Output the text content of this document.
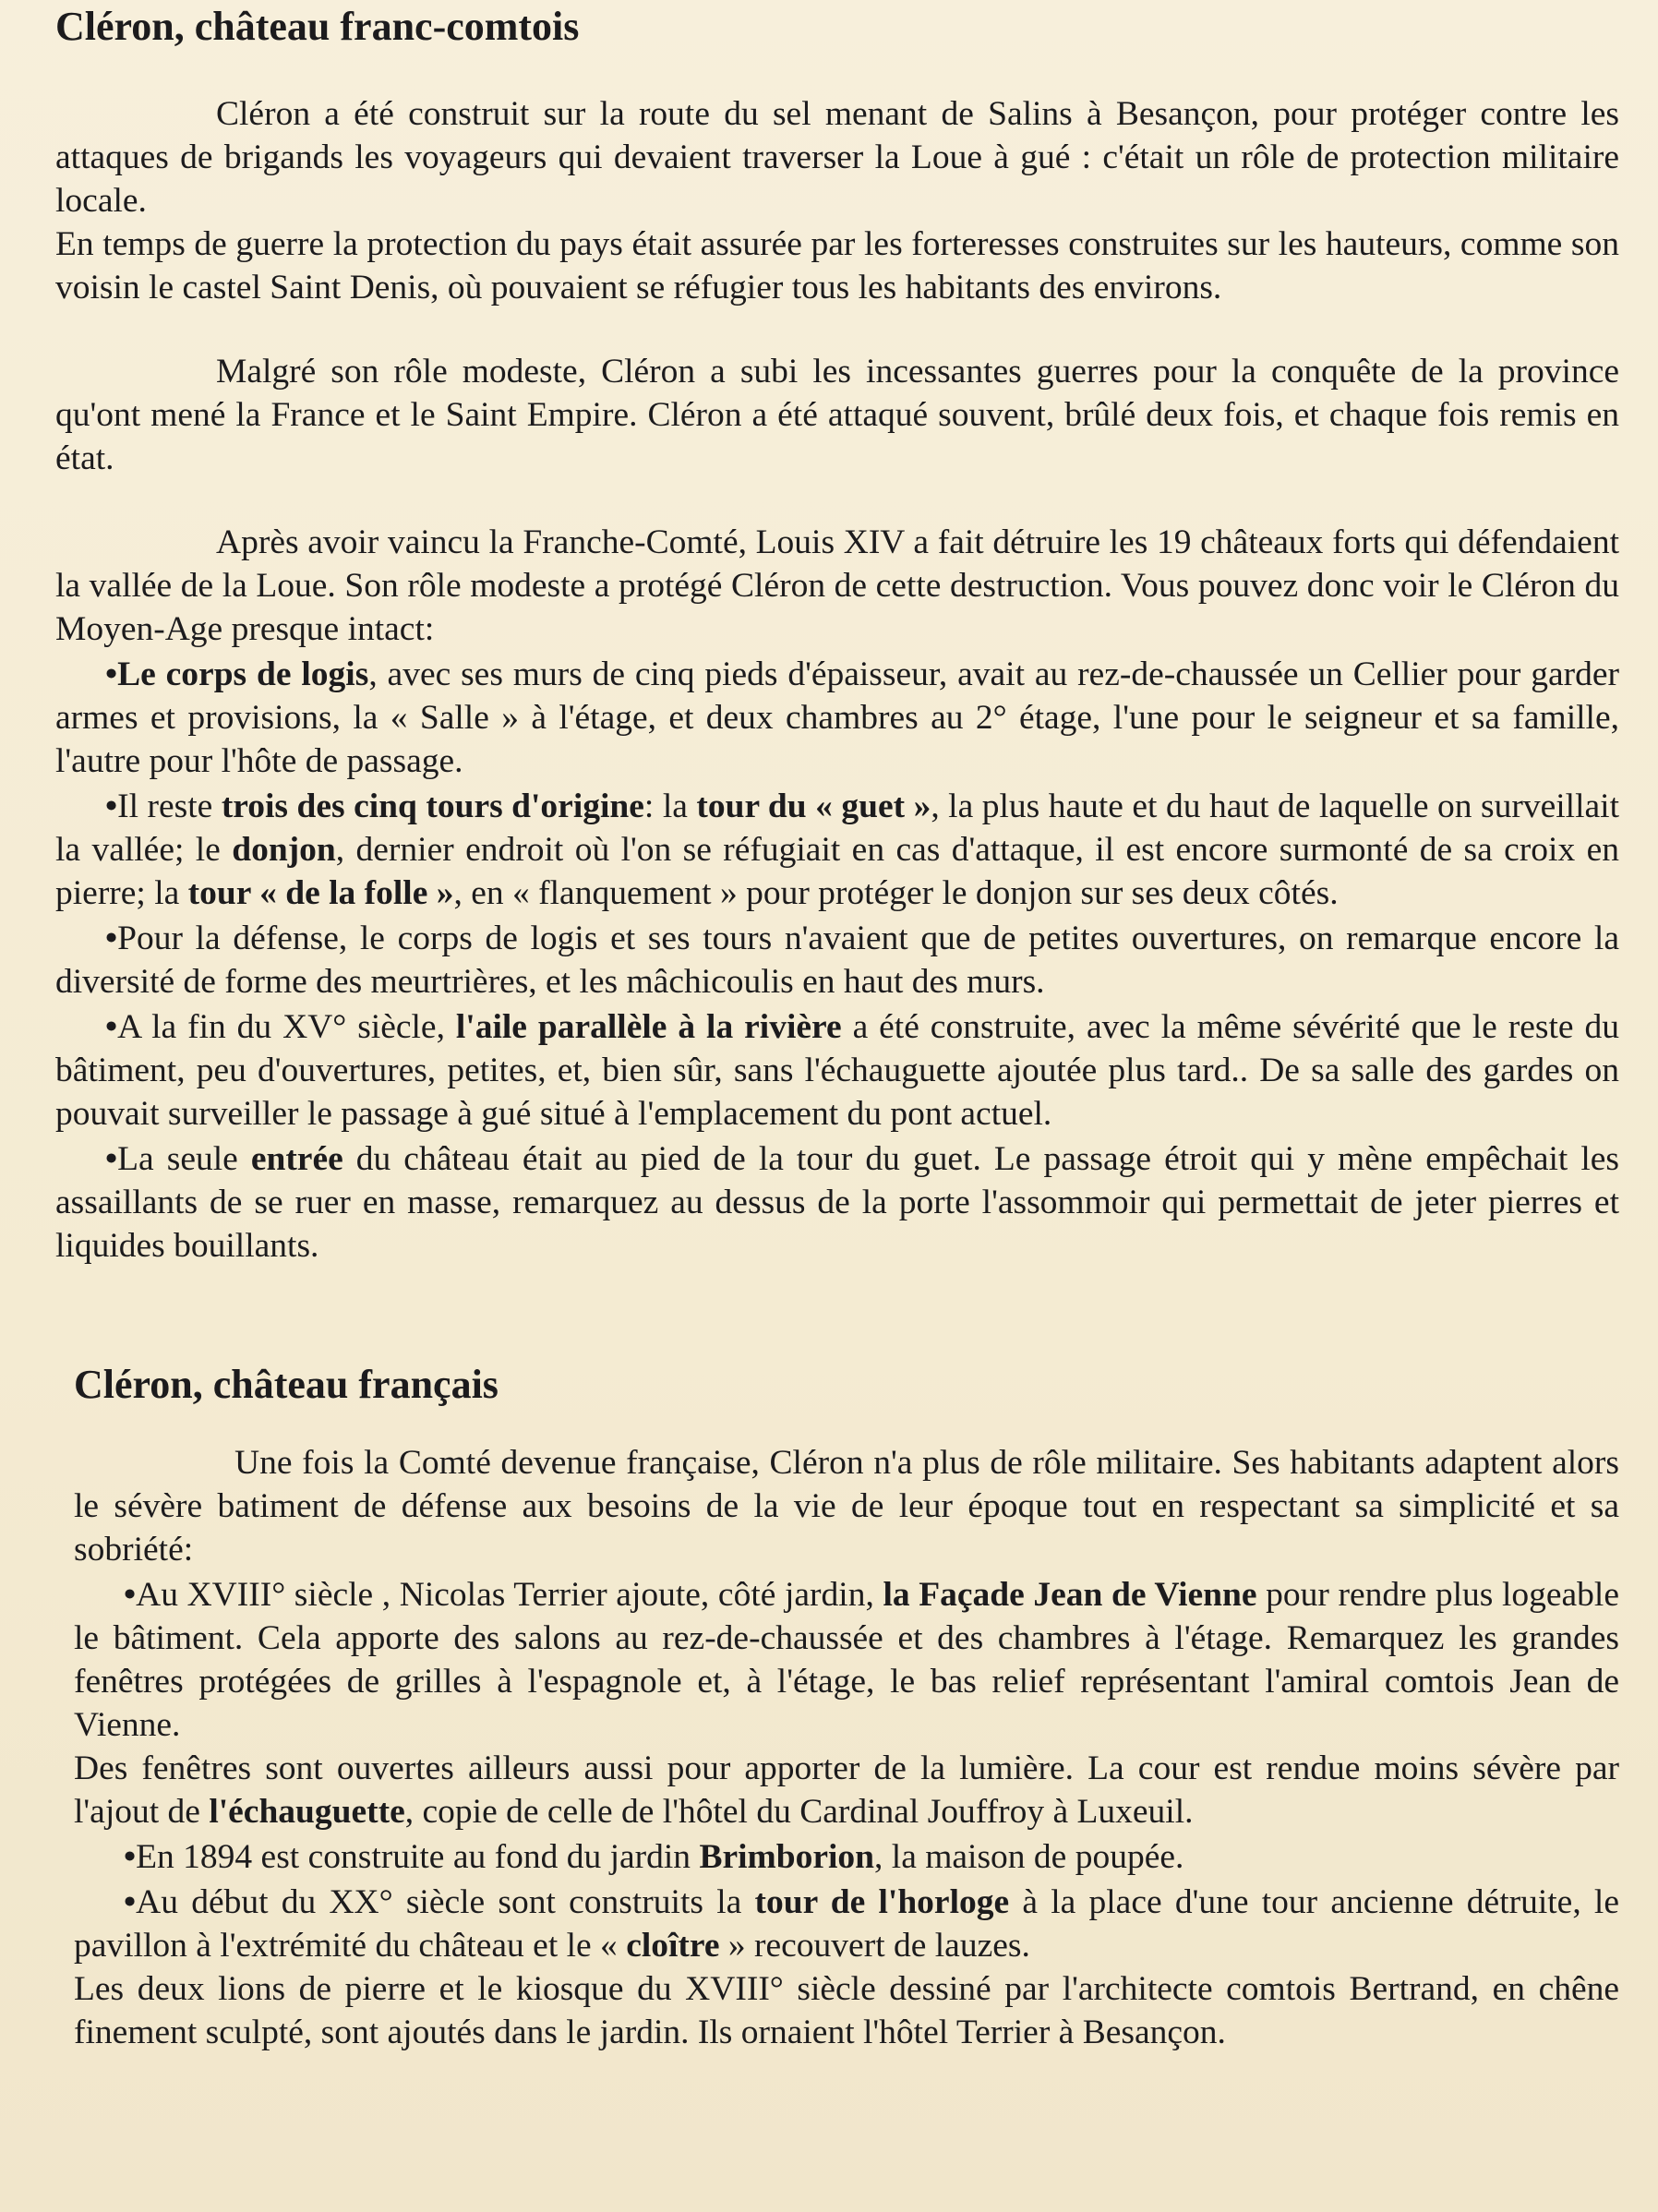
Cléron, château franc-comtois

Cléron a été construit sur la route du sel menant de Salins à Besançon, pour protéger contre les attaques de brigands les voyageurs qui devaient traverser la Loue à gué : c'était un rôle de protection militaire locale.

En temps de guerre la protection du pays était assurée par les forteresses construites sur les hauteurs, comme son voisin le castel Saint Denis, où pouvaient se réfugier tous les habitants des environs.

Malgré son rôle modeste, Cléron a subi les incessantes guerres pour la conquête de la province qu'ont mené la France et le Saint Empire. Cléron a été attaqué souvent, brûlé deux fois, et chaque fois remis en état.

Après avoir vaincu la Franche-Comté, Louis XIV a fait détruire les 19 châteaux forts qui défendaient la vallée de la Loue. Son rôle modeste a protégé Cléron de cette destruction. Vous pouvez donc voir le Cléron du Moyen-Age presque intact:

• Le corps de logis, avec ses murs de cinq pieds d'épaisseur, avait au rez-de-chaussée un Cellier pour garder armes et provisions, la « Salle » à l'étage, et deux chambres au 2° étage, l'une pour le seigneur et sa famille, l'autre pour l'hôte de passage.

• Il reste trois des cinq tours d'origine: la tour du « guet », la plus haute et du haut de laquelle on surveillait la vallée; le donjon, dernier endroit où l'on se réfugiait en cas d'attaque, il est encore surmonté de sa croix en pierre; la tour « de la folle », en « flanquement » pour protéger le donjon sur ses deux côtés.

• Pour la défense, le corps de logis et ses tours n'avaient que de petites ouvertures, on remarque encore la diversité de forme des meurtrières, et les mâchicoulis en haut des murs.

• A la fin du XV° siècle, l'aile parallèle à la rivière a été construite, avec la même sévérité que le reste du bâtiment, peu d'ouvertures, petites, et, bien sûr, sans l'échauguette ajoutée plus tard.. De sa salle des gardes on pouvait surveiller le passage à gué situé à l'emplacement du pont actuel.

• La seule entrée du château était au pied de la tour du guet. Le passage étroit qui y mène empêchait les assaillants de se ruer en masse, remarquez au dessus de la porte l'assommoir qui permettait de jeter pierres et liquides bouillants.

Cléron, château français

Une fois la Comté devenue française, Cléron n'a plus de rôle militaire. Ses habitants adaptent alors le sévère batiment de défense aux besoins de la vie de leur époque tout en respectant sa simplicité et sa sobriété:

• Au XVIII° siècle , Nicolas Terrier ajoute, côté jardin, la Façade Jean de Vienne pour rendre plus logeable le bâtiment. Cela apporte des salons au rez-de-chaussée et des chambres à l'étage. Remarquez les grandes fenêtres protégées de grilles à l'espagnole et, à l'étage, le bas relief représentant l'amiral comtois Jean de Vienne.

Des fenêtres sont ouvertes ailleurs aussi pour apporter de la lumière. La cour est rendue moins sévère par l'ajout de l'échauguette, copie de celle de l'hôtel du Cardinal Jouffroy à Luxeuil.

• En 1894 est construite au fond du jardin Brimborion, la maison de poupée.

• Au début du XX° siècle sont construits la tour de l'horloge à la place d'une tour ancienne détruite, le pavillon à l'extrémité du château et le « cloître » recouvert de lauzes.

Les deux lions de pierre et le kiosque du XVIII° siècle dessiné par l'architecte comtois Bertrand, en chêne finement sculpté, sont ajoutés dans le jardin. Ils ornaient l'hôtel Terrier à Besançon.
